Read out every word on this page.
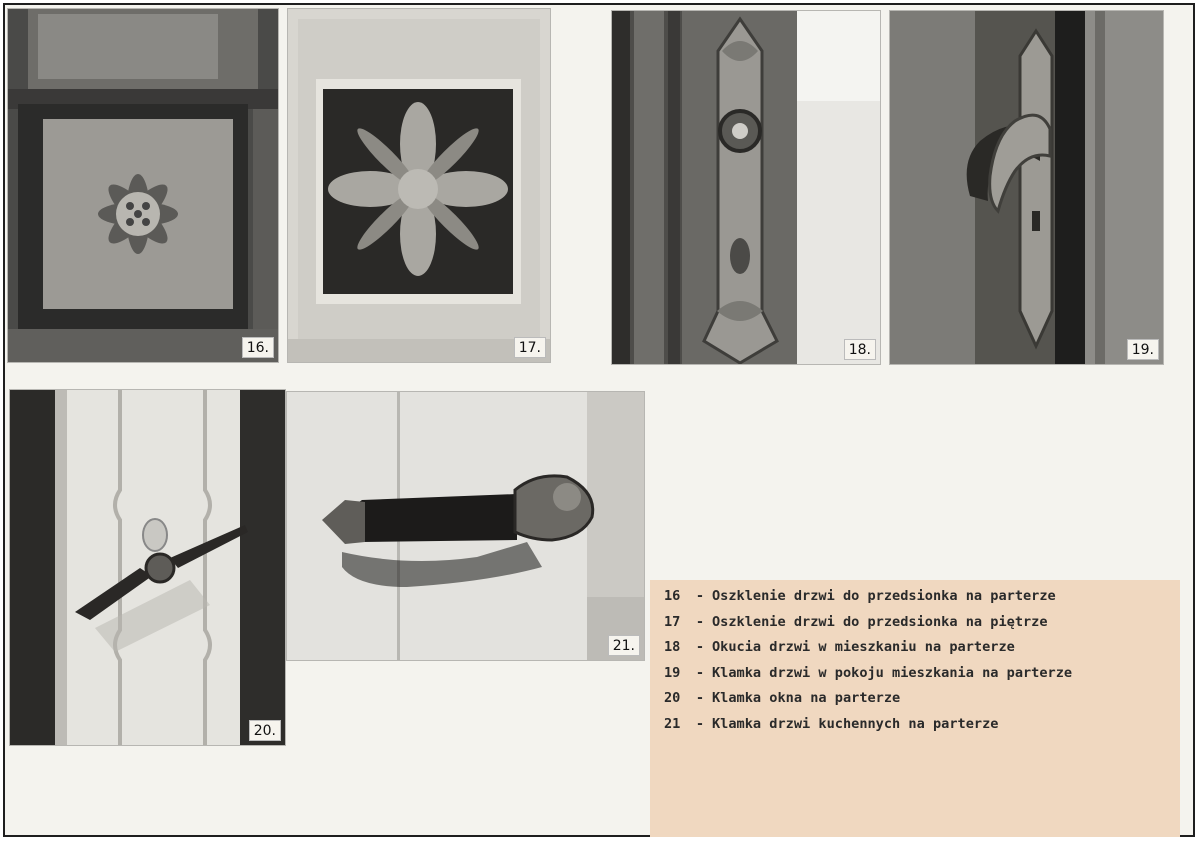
16.	17.	18.	19.
20.
21.
16 - Oszklenie drzwi do przedsionka na parterze
17 - Oszklenie drzwi do przedsionka na piętrze
18 - Okucia drzwi w mieszkaniu na parterze
19 - Klamka drzwi w pokoju mieszkania na parterze
20 - Klamka okna na parterze
21 - Klamka drzwi kuchennych na parterze
